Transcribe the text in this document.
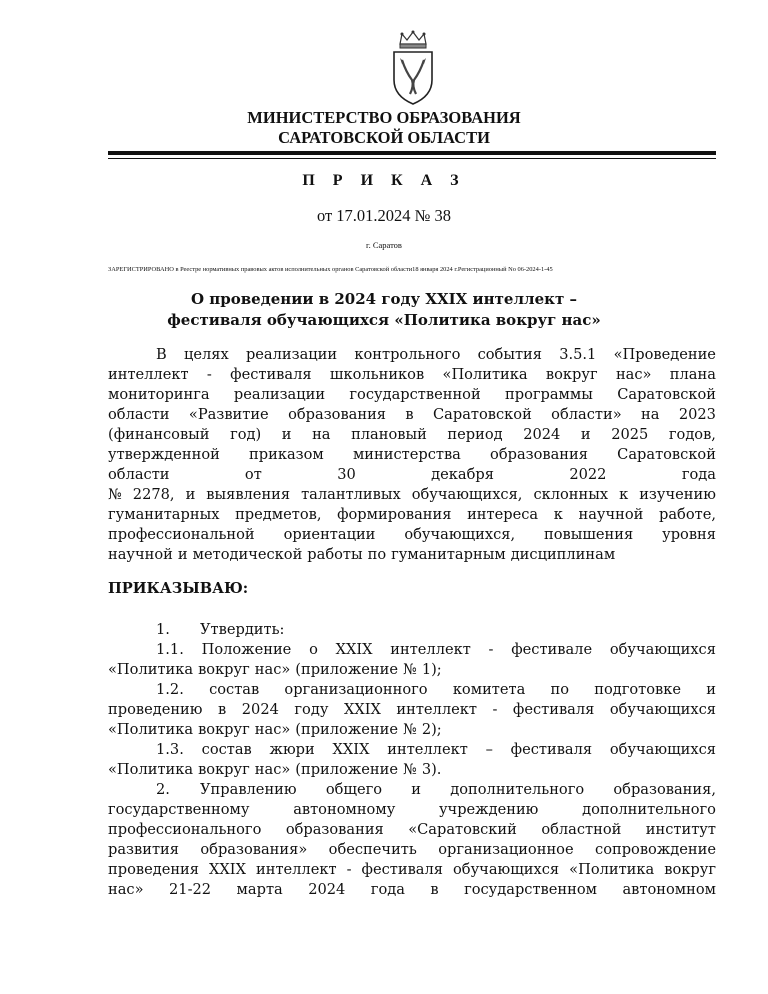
МИНИСТЕРСТВО ОБРАЗОВАНИЯ
САРАТОВСКОЙ ОБЛАСТИ
П Р И К А З
от 17.01.2024 № 38
г. Саратов
ЗАРЕГИСТРИРОВАНО в Реестре нормативных правовых актов исполнительных органов Саратовской области18 января 2024 г.Регистрационный No 06-2024-1-45
О проведении в 2024 году XXIX интеллект –
фестиваля обучающихся «Политика вокруг нас»
В целях реализации контрольного события 3.5.1 «Проведение
интеллект - фестиваля школьников «Политика вокруг нас» плана
мониторинга реализации государственной программы Саратовской
области «Развитие образования в Саратовской области» на 2023
(финансовый год) и на плановый период 2024 и 2025 годов,
утвержденной приказом министерства образования Саратовской
области	от	30	декабря	2022	года
№ 2278, и выявления талантливых обучающихся, склонных к изучению
гуманитарных предметов, формирования интереса к научной работе,
профессиональной ориентации обучающихся, повышения уровня
научной и методической работы по гуманитарным дисциплинам
ПРИКАЗЫВАЮ:
1.	Утвердить:
1.1. Положение о XXIX интеллект - фестивале обучающихся
«Политика вокруг нас» (приложение № 1);
1.2. состав организационного комитета по подготовке и
проведению в 2024 году XXIX интеллект - фестиваля обучающихся
«Политика вокруг нас» (приложение № 2);
1.3. состав жюри XXIX интеллект – фестиваля обучающихся
«Политика вокруг нас» (приложение № 3).
2.	Управлению общего и дополнительного образования,
государственному	автономному	учреждению	дополнительного
профессионального образования «Саратовский областной институт
развития образования» обеспечить организационное сопровождение
проведения XXIX интеллект - фестиваля обучающихся «Политика вокруг
нас» 21-22 марта 2024 года в государственном автономном
